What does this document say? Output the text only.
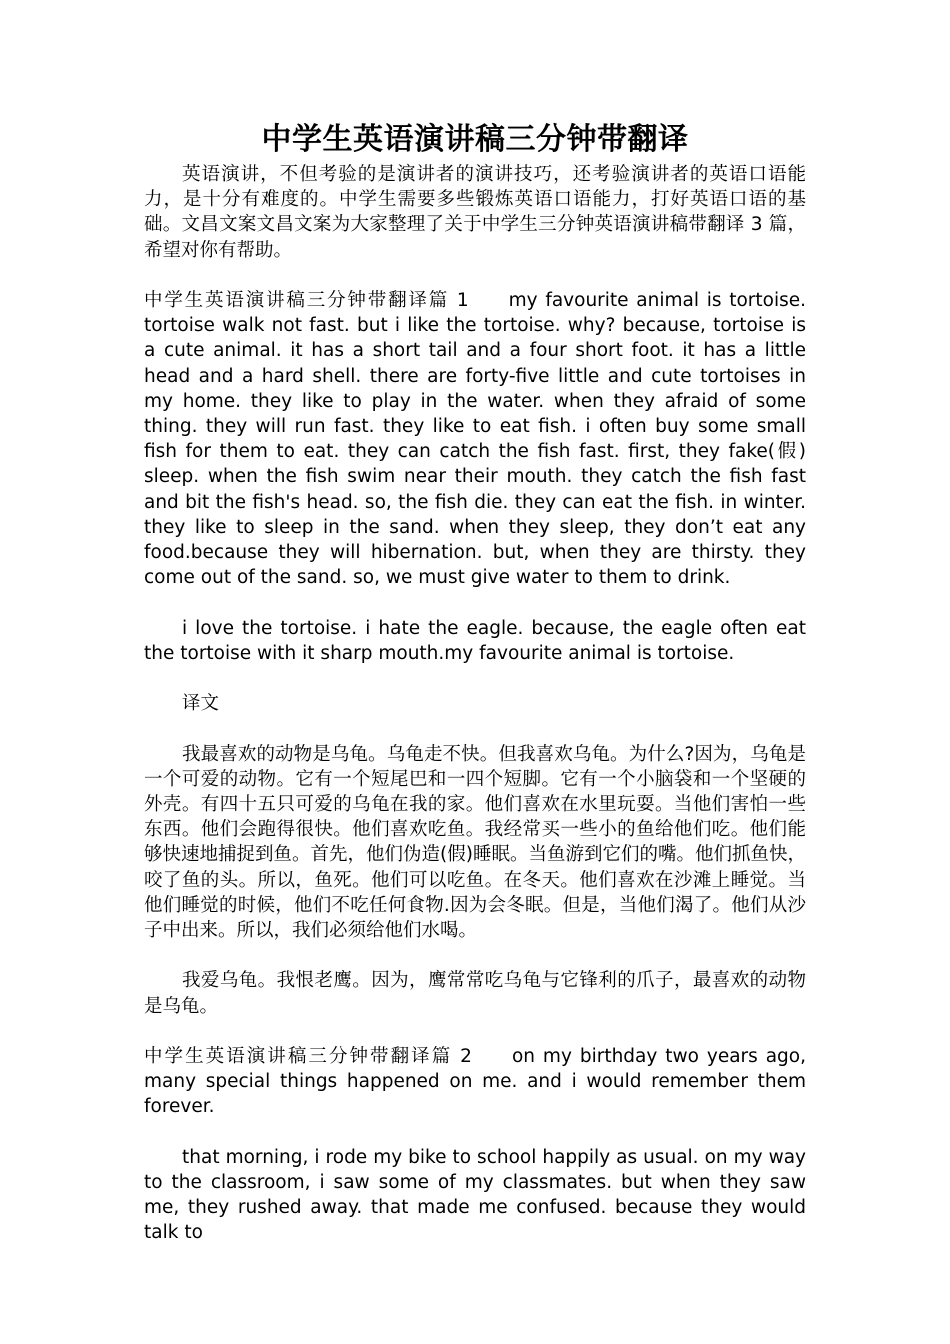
中学生英语演讲稿三分钟带翻译

英语演讲，不但考验的是演讲者的演讲技巧，还考验演讲者的英语口语能力，是十分有难度的。中学生需要多些锻炼英语口语能力，打好英语口语的基础。文昌文案文昌文案为大家整理了关于中学生三分钟英语演讲稿带翻译 3 篇，希望对你有帮助。

中学生英语演讲稿三分钟带翻译篇 1 my favourite animal is tortoise. tortoise walk not fast. but i like the tortoise. why? because, tortoise is a cute animal. it has a short tail and a four short foot. it has a little head and a hard shell. there are forty-five little and cute tortoises in my home. they like to play in the water. when they afraid of some thing. they will run fast. they like to eat fish. i often buy some small fish for them to eat. they can catch the fish fast. first, they fake(假) sleep. when the fish swim near their mouth. they catch the fish fast and bit the fish's head. so, the fish die. they can eat the fish. in winter. they like to sleep in the sand. when they sleep, they don’t eat any food.because they will hibernation. but, when they are thirsty. they come out of the sand. so, we must give water to them to drink.

i love the tortoise. i hate the eagle. because, the eagle often eat the tortoise with it sharp mouth.my favourite animal is tortoise.

译文

我最喜欢的动物是乌龟。乌龟走不快。但我喜欢乌龟。为什么?因为，乌龟是一个可爱的动物。它有一个短尾巴和一四个短脚。它有一个小脑袋和一个坚硬的外壳。有四十五只可爱的乌龟在我的家。他们喜欢在水里玩耍。当他们害怕一些东西。他们会跑得很快。他们喜欢吃鱼。我经常买一些小的鱼给他们吃。他们能够快速地捕捉到鱼。首先，他们伪造(假)睡眠。当鱼游到它们的嘴。他们抓鱼快，咬了鱼的头。所以，鱼死。他们可以吃鱼。在冬天。他们喜欢在沙滩上睡觉。当他们睡觉的时候，他们不吃任何食物.因为会冬眠。但是，当他们渴了。他们从沙子中出来。所以，我们必须给他们水喝。

我爱乌龟。我恨老鹰。因为，鹰常常吃乌龟与它锋利的爪子，最喜欢的动物是乌龟。

中学生英语演讲稿三分钟带翻译篇 2 on my birthday two years ago, many special things happened on me. and i would remember them forever.

that morning, i rode my bike to school happily as usual. on my way to the classroom, i saw some of my classmates. but when they saw me, they rushed away. that made me confused. because they would talk to
